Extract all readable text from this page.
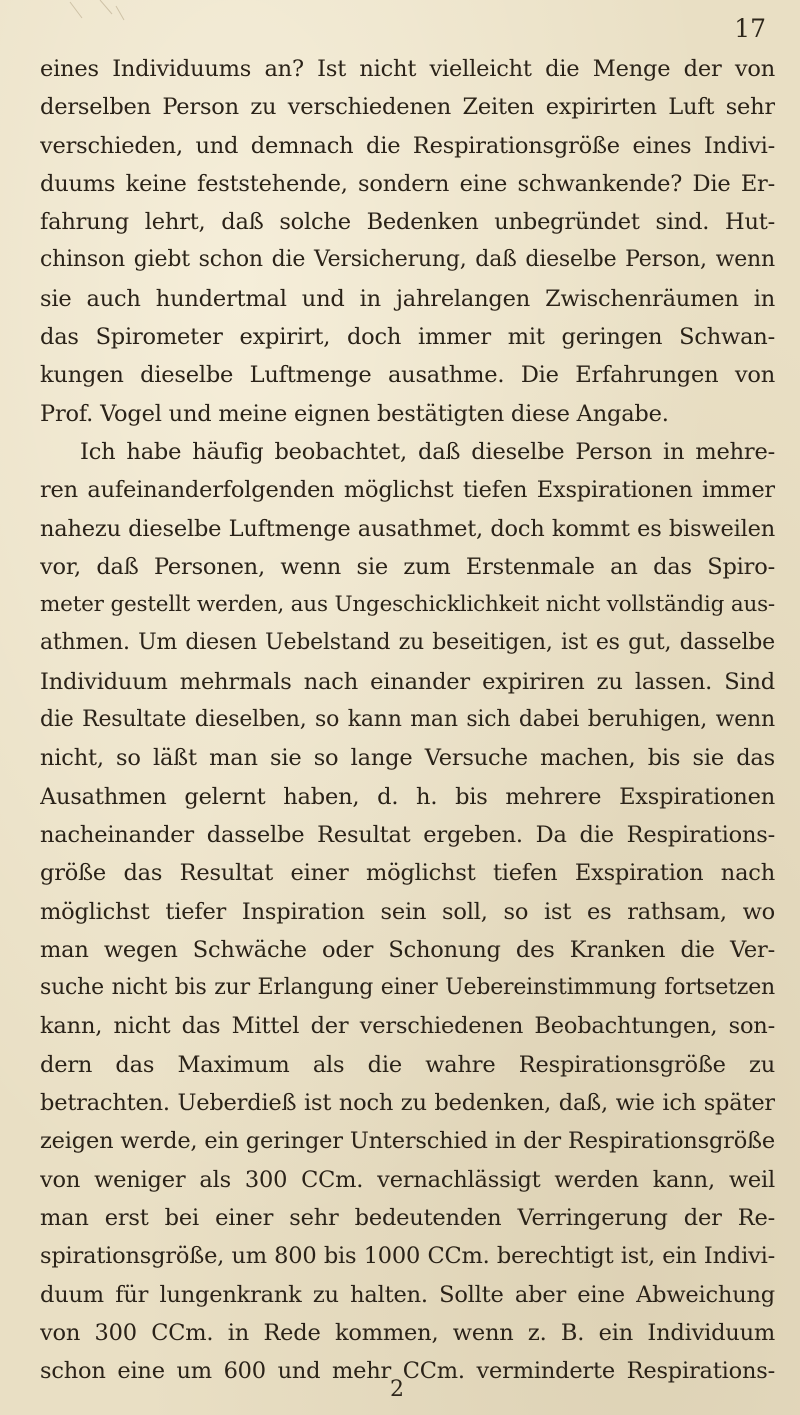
17
eines Individuums an? Ist nicht vielleicht die Menge der von
derselben Person zu verschiedenen Zeiten expirirten Luft sehr
verschieden, und demnach die Respirationsgröße eines Indivi-
duums keine feststehende, sondern eine schwankende? Die Er-
fahrung lehrt, daß solche Bedenken unbegründet sind. Hut-
chinson giebt schon die Versicherung, daß dieselbe Person, wenn
sie auch hundertmal und in jahrelangen Zwischenräumen in
das Spirometer expirirt, doch immer mit geringen Schwan-
kungen dieselbe Luftmenge ausathme. Die Erfahrungen von
Prof. Vogel und meine eignen bestätigten diese Angabe.
Ich habe häufig beobachtet, daß dieselbe Person in mehre-
ren aufeinanderfolgenden möglichst tiefen Exspirationen immer
nahezu dieselbe Luftmenge ausathmet, doch kommt es bisweilen
vor, daß Personen, wenn sie zum Erstenmale an das Spiro-
meter gestellt werden, aus Ungeschicklichkeit nicht vollständig aus-
athmen. Um diesen Uebelstand zu beseitigen, ist es gut, dasselbe
Individuum mehrmals nach einander expiriren zu lassen. Sind
die Resultate dieselben, so kann man sich dabei beruhigen, wenn
nicht, so läßt man sie so lange Versuche machen, bis sie das
Ausathmen gelernt haben, d. h. bis mehrere Exspirationen
nacheinander dasselbe Resultat ergeben. Da die Respirations-
größe das Resultat einer möglichst tiefen Exspiration nach
möglichst tiefer Inspiration sein soll, so ist es rathsam, wo
man wegen Schwäche oder Schonung des Kranken die Ver-
suche nicht bis zur Erlangung einer Uebereinstimmung fortsetzen
kann, nicht das Mittel der verschiedenen Beobachtungen, son-
dern das Maximum als die wahre Respirationsgröße zu
betrachten. Ueberdieß ist noch zu bedenken, daß, wie ich später
zeigen werde, ein geringer Unterschied in der Respirationsgröße
von weniger als 300 CCm. vernachlässigt werden kann, weil
man erst bei einer sehr bedeutenden Verringerung der Re-
spirationsgröße, um 800 bis 1000 CCm. berechtigt ist, ein Indivi-
duum für lungenkrank zu halten. Sollte aber eine Abweichung
von 300 CCm. in Rede kommen, wenn z. B. ein Individuum
schon eine um 600 und mehr CCm. verminderte Respirations-
2
